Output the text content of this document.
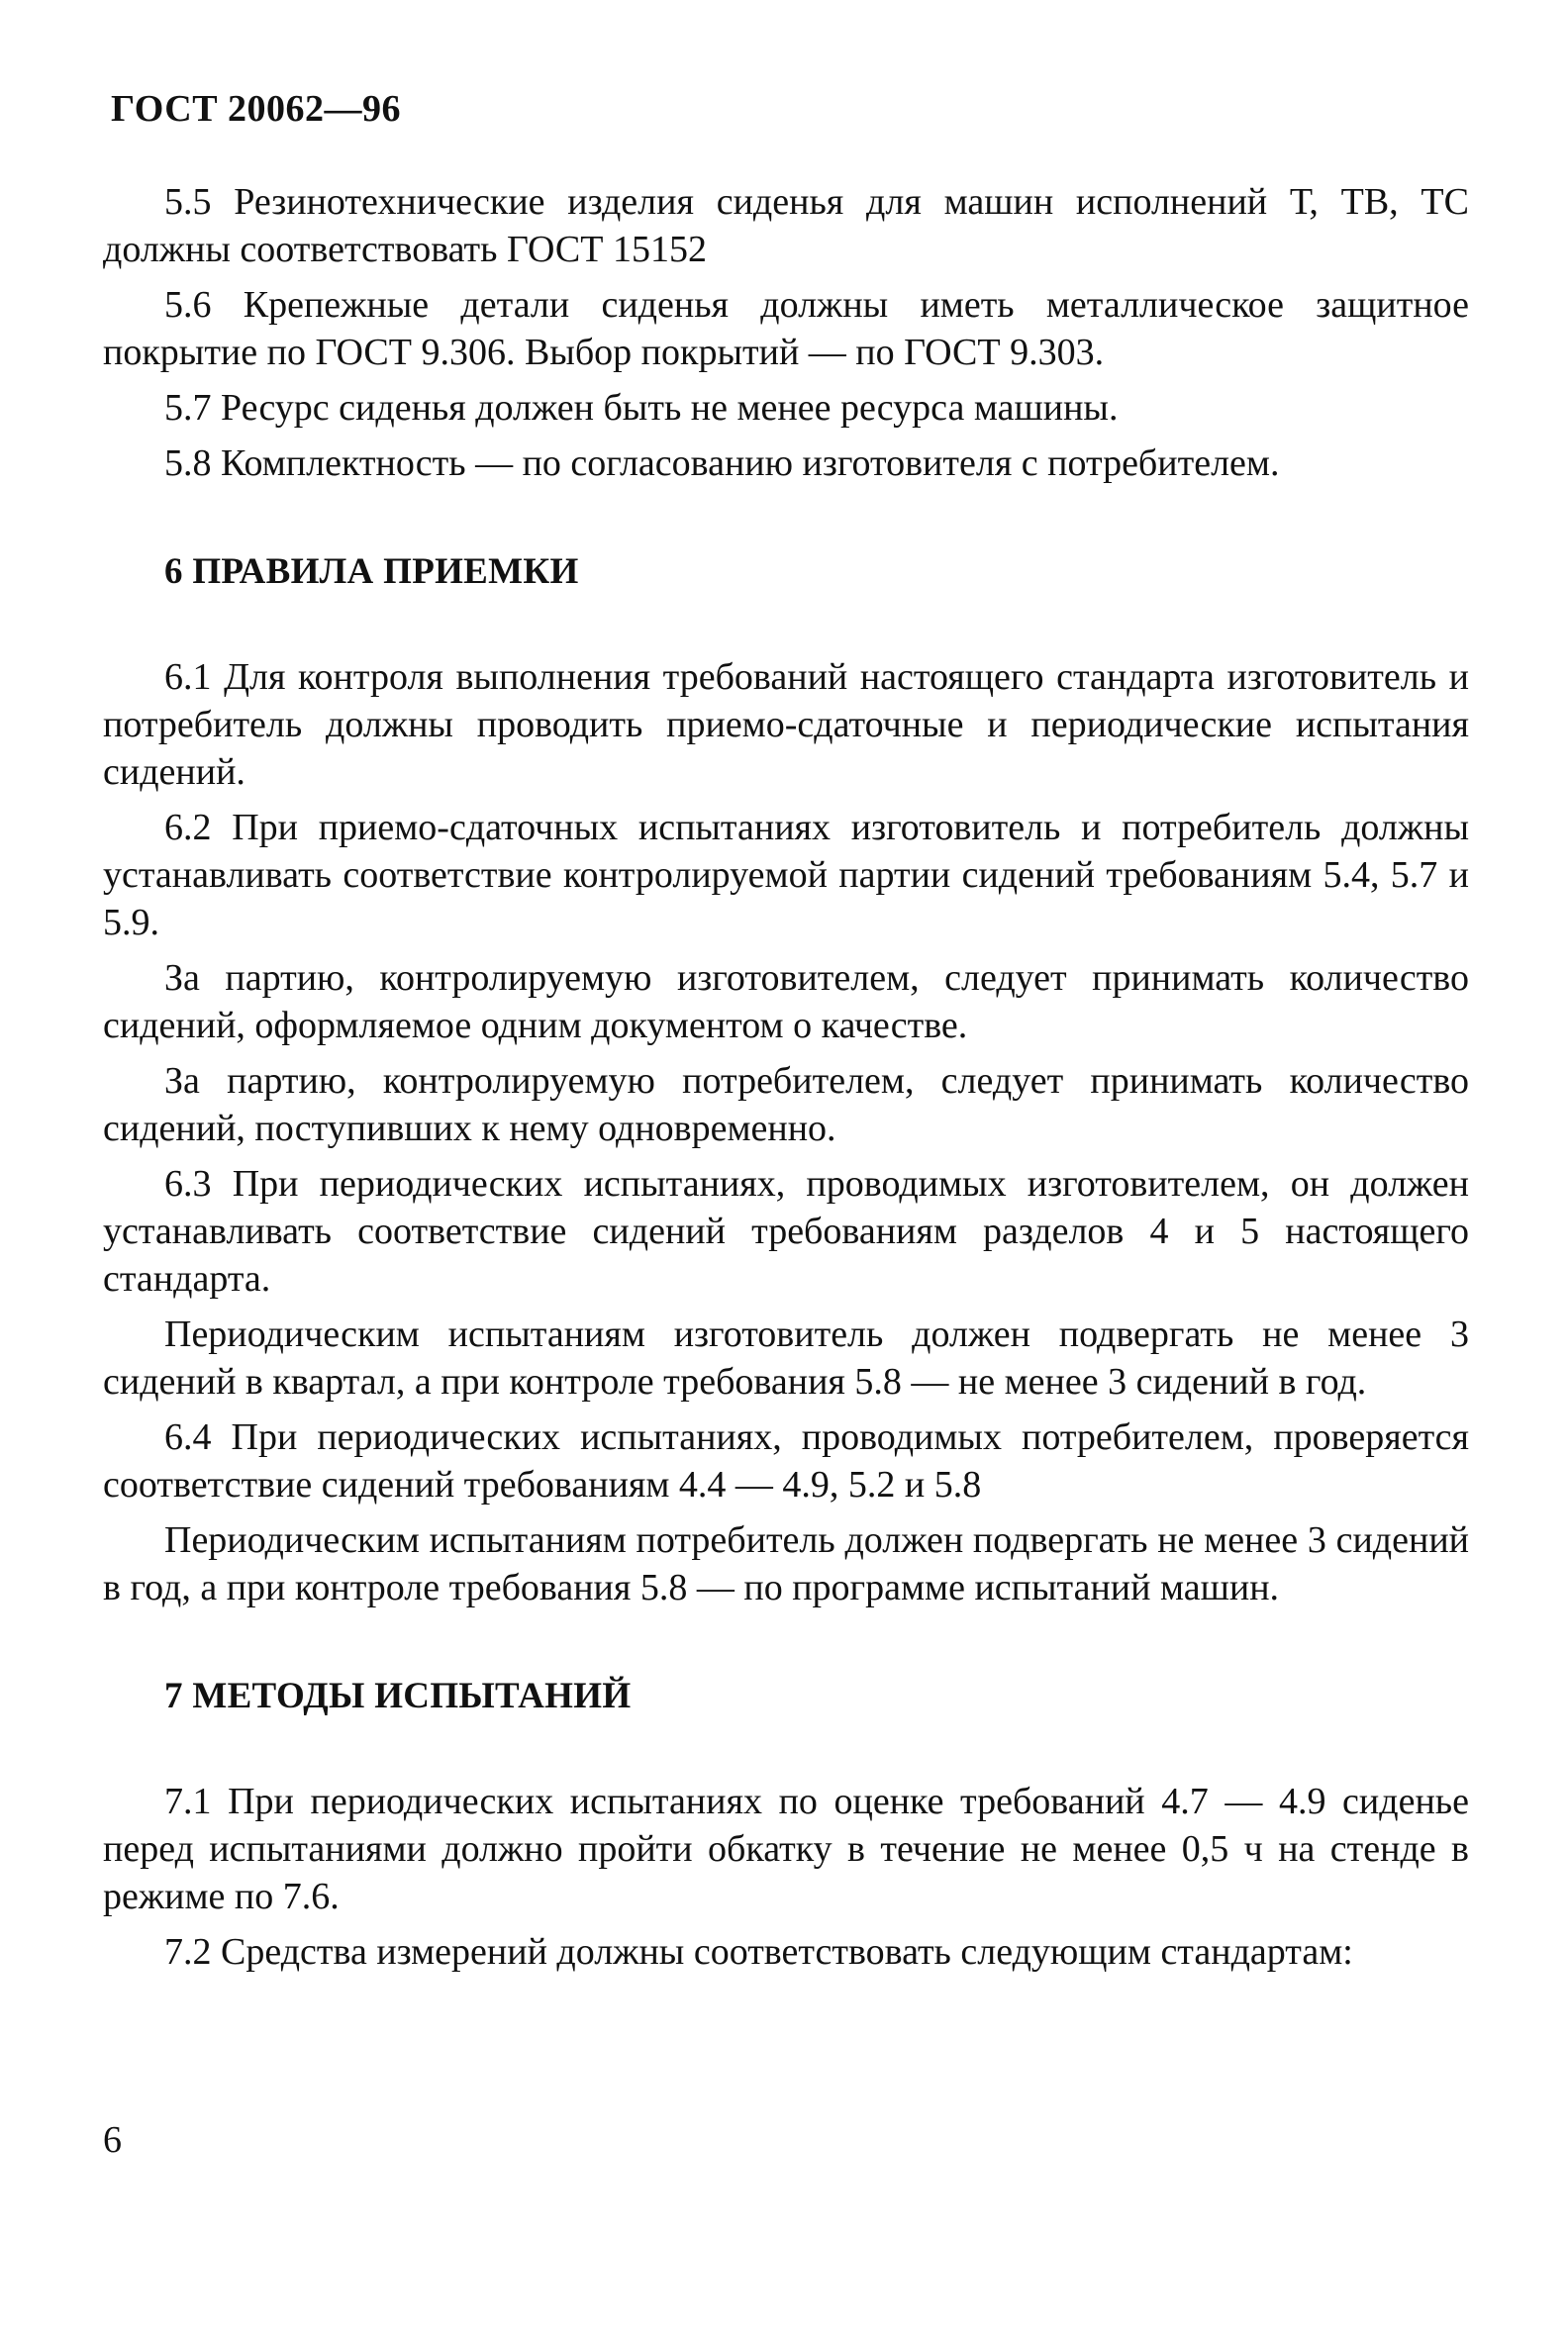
ГОСТ 20062—96

5.5 Резинотехнические изделия сиденья для машин исполнений Т, ТВ, ТС должны соответствовать ГОСТ 15152

5.6 Крепежные детали сиденья должны иметь металлическое защитное покрытие по ГОСТ 9.306. Выбор покрытий — по ГОСТ 9.303.

5.7 Ресурс сиденья должен быть не менее ресурса машины.

5.8 Комплектность — по согласованию изготовителя с потребителем.

6 ПРАВИЛА ПРИЕМКИ

6.1 Для контроля выполнения требований настоящего стандарта изготовитель и потребитель должны проводить приемо-сдаточные и периодические испытания сидений.

6.2 При приемо-сдаточных испытаниях изготовитель и потребитель должны устанавливать соответствие контролируемой партии сидений требованиям 5.4, 5.7 и 5.9.

За партию, контролируемую изготовителем, следует принимать количество сидений, оформляемое одним документом о качестве.

За партию, контролируемую потребителем, следует принимать количество сидений, поступивших к нему одновременно.

6.3 При периодических испытаниях, проводимых изготовителем, он должен устанавливать соответствие сидений требованиям разделов 4 и 5 настоящего стандарта.

Периодическим испытаниям изготовитель должен подвергать не менее 3 сидений в квартал, а при контроле требования 5.8 — не менее 3 сидений в год.

6.4 При периодических испытаниях, проводимых потребителем, проверяется соответствие сидений требованиям 4.4 — 4.9, 5.2 и 5.8

Периодическим испытаниям потребитель должен подвергать не менее 3 сидений в год, а при контроле требования 5.8 — по программе испытаний машин.

7 МЕТОДЫ ИСПЫТАНИЙ

7.1 При периодических испытаниях по оценке требований 4.7 — 4.9 сиденье перед испытаниями должно пройти обкатку в течение не менее 0,5 ч на стенде в режиме по 7.6.

7.2 Средства измерений должны соответствовать следующим стандартам:

6
